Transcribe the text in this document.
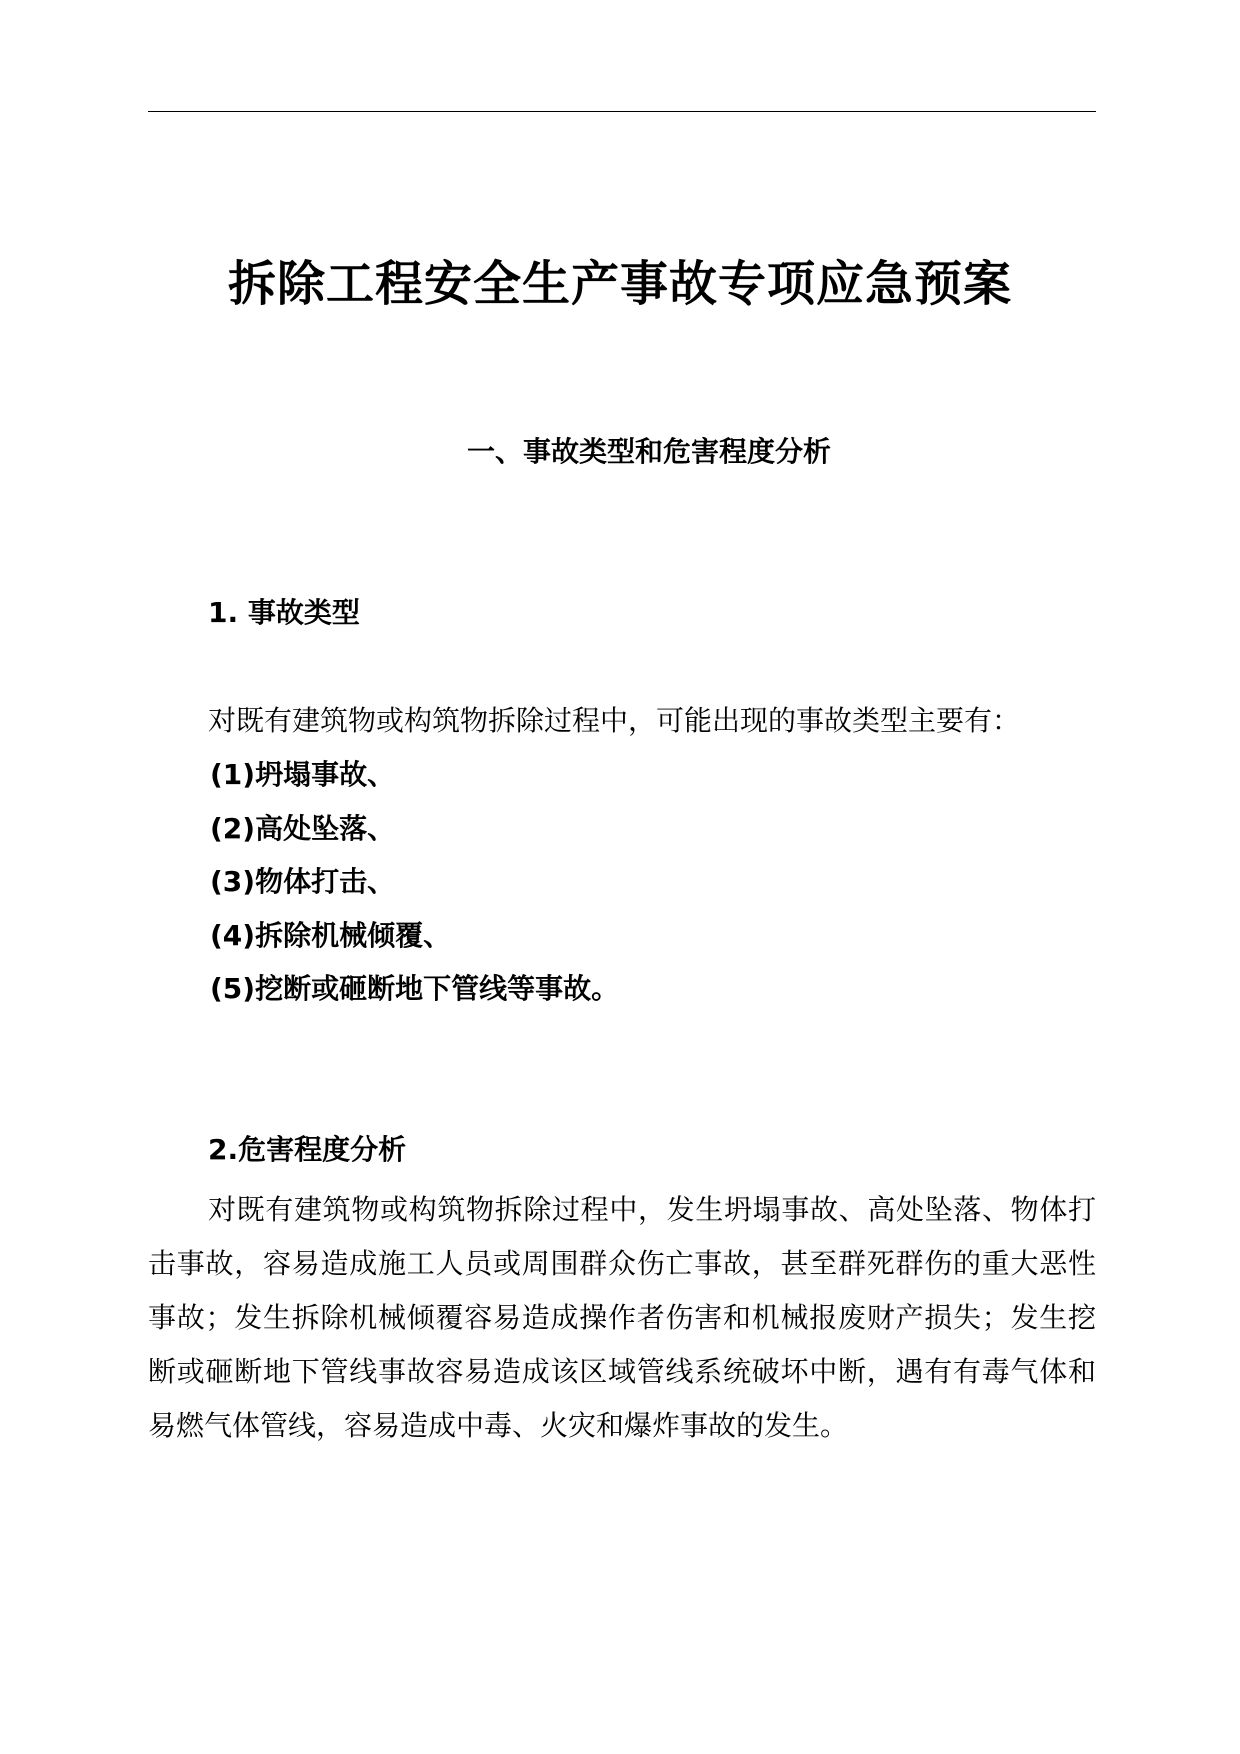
拆除工程安全生产事故专项应急预案
一、事故类型和危害程度分析
1. 事故类型

对既有建筑物或构筑物拆除过程中，可能出现的事故类型主要有：

(1)坍塌事故、
(2)高处坠落、
(3)物体打击、
(4)拆除机械倾覆、
(5)挖断或砸断地下管线等事故。
2.危害程度分析

对既有建筑物或构筑物拆除过程中，发生坍塌事故、高处坠落、物体打击事故，容易造成施工人员或周围群众伤亡事故，甚至群死群伤的重大恶性事故；发生拆除机械倾覆容易造成操作者伤害和机械报废财产损失；发生挖断或砸断地下管线事故容易造成该区域管线系统破坏中断，遇有有毒气体和易燃气体管线，容易造成中毒、火灾和爆炸事故的发生。
